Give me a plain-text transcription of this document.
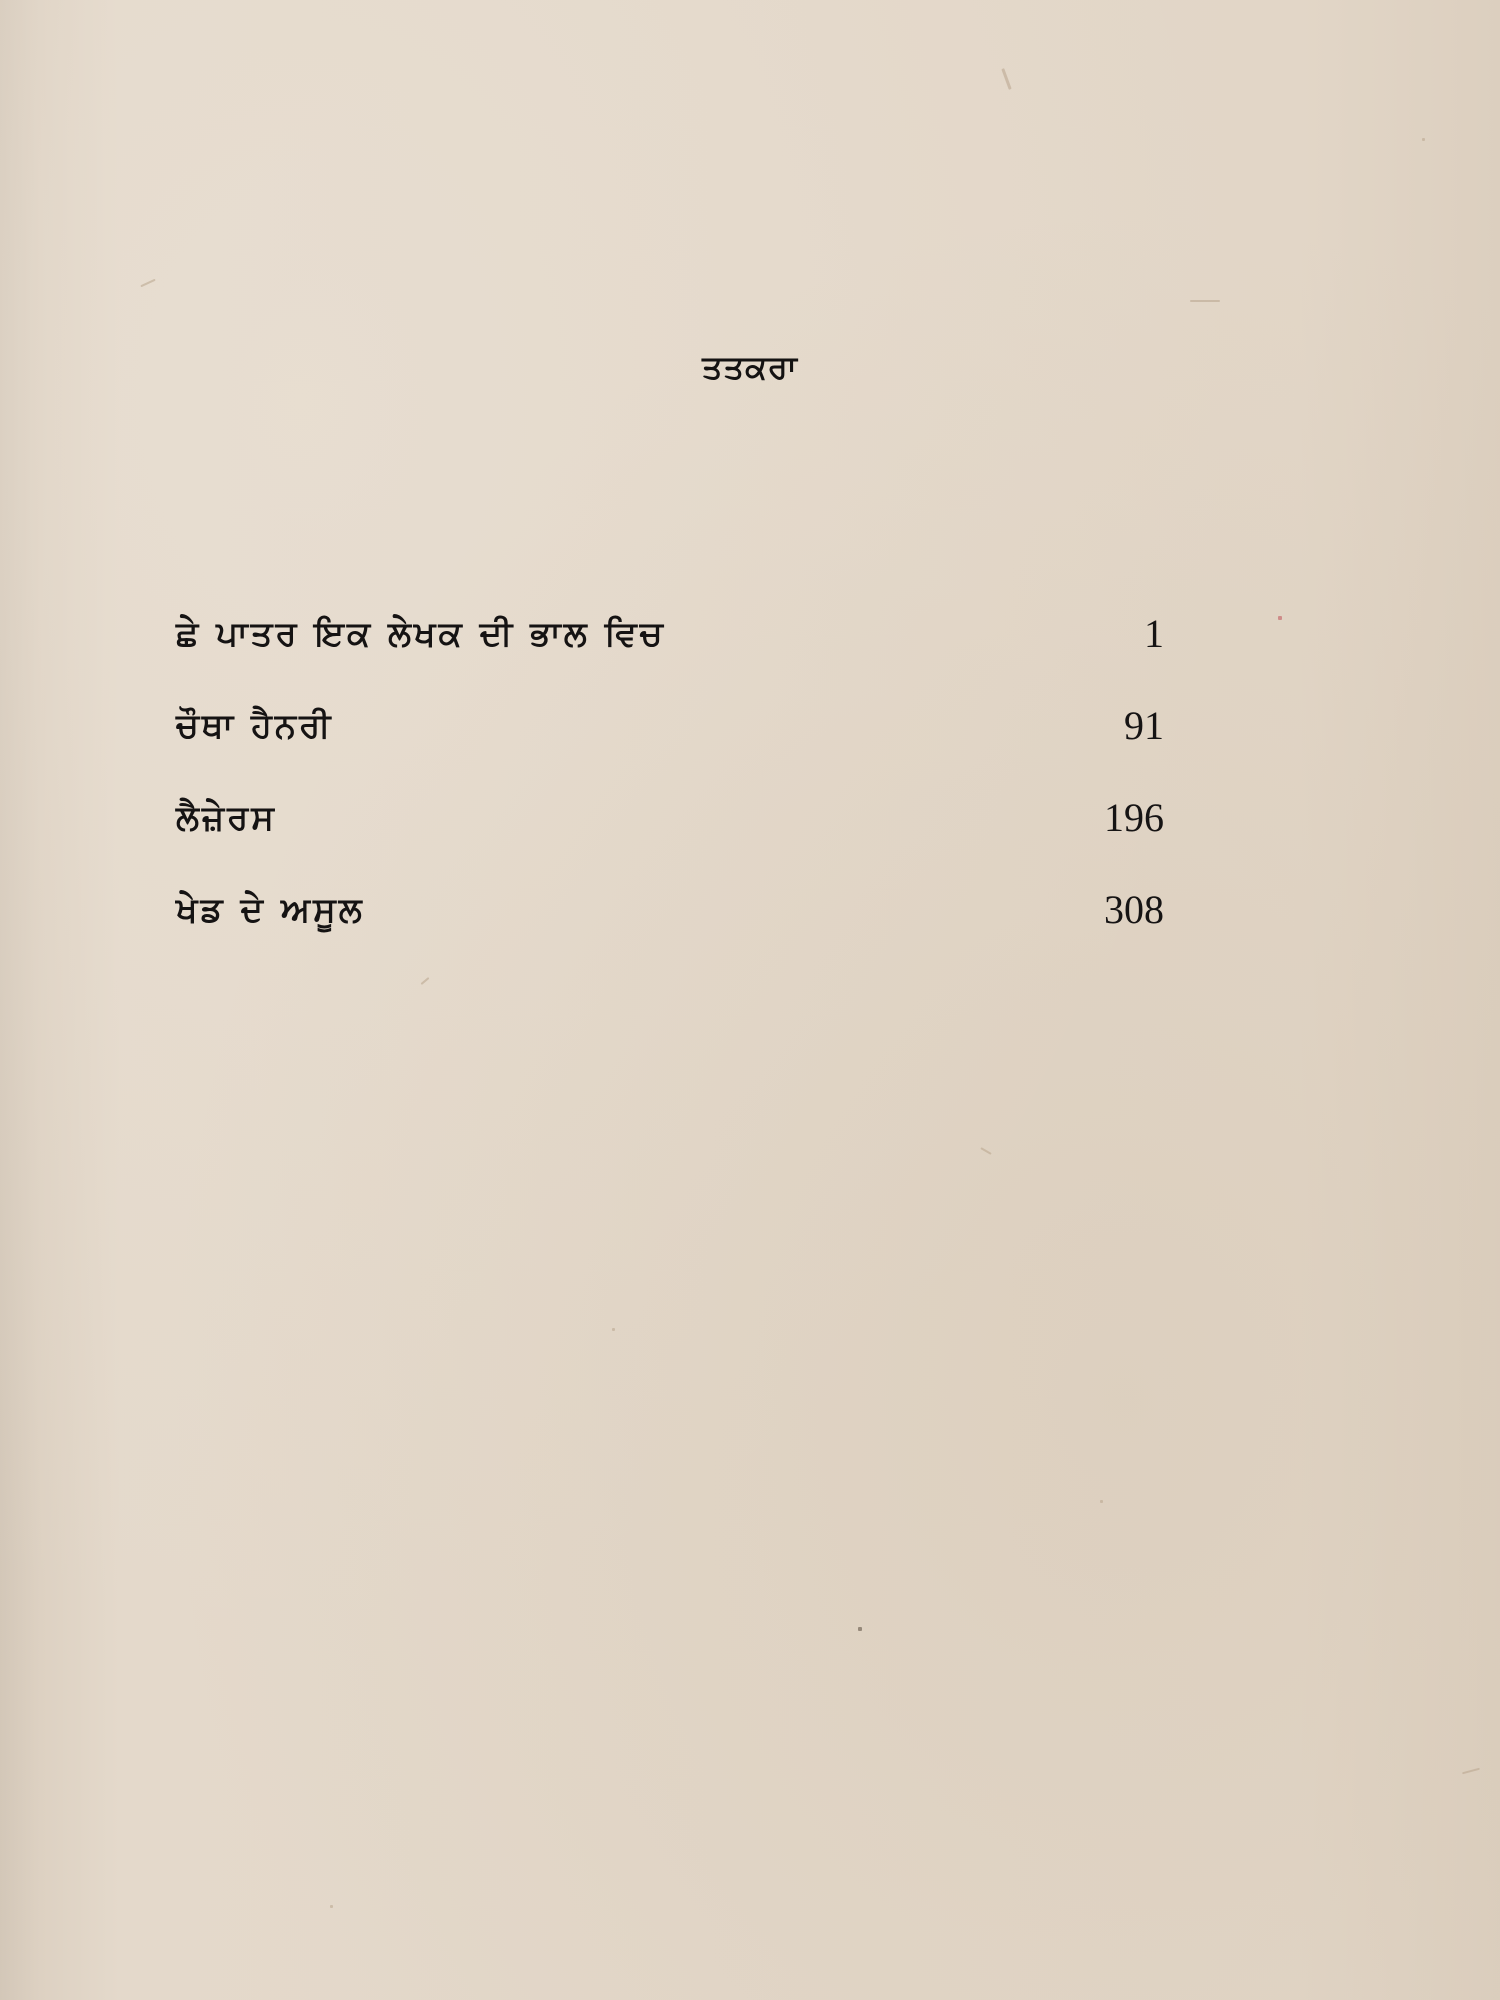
ਤਤਕਰਾ
ਛੇ ਪਾਤਰ ਇਕ ਲੇਖਕ ਦੀ ਭਾਲ ਵਿਚ	1
ਚੌਥਾ ਹੈਨਰੀ	91
ਲੈਜ਼ੇਰਸ	196
ਖੇਡ ਦੇ ਅਸੂਲ	308
